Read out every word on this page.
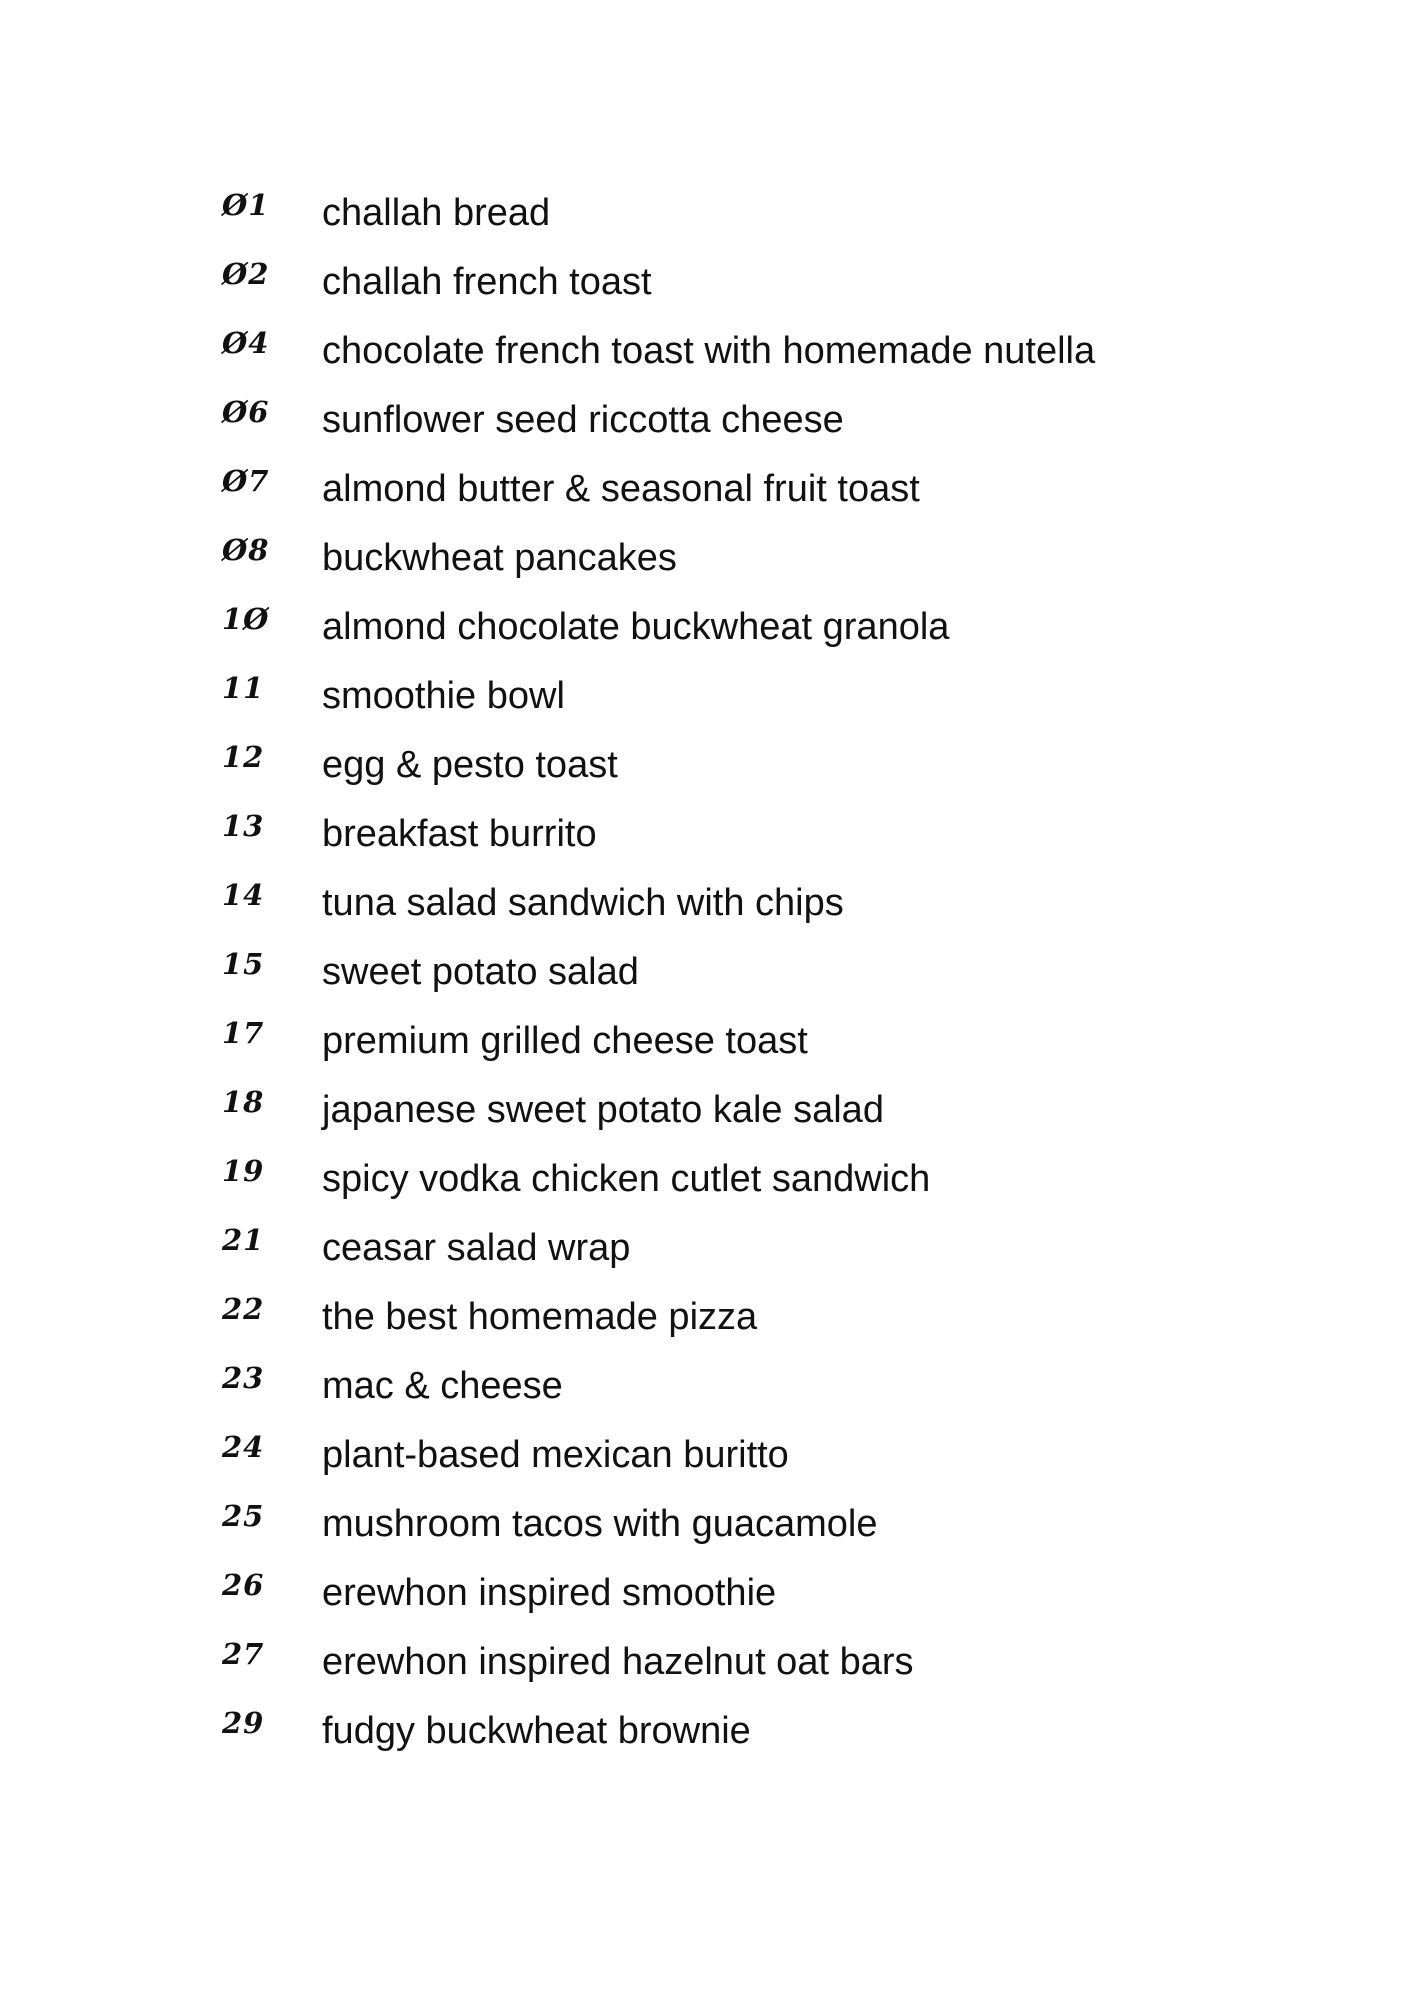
Ø1	challah bread
Ø2	challah french toast
Ø4	chocolate french toast with homemade nutella
Ø6	sunflower seed riccotta cheese
Ø7	almond butter & seasonal fruit toast
Ø8	buckwheat pancakes
1Ø	almond chocolate buckwheat granola
11	smoothie bowl
12	egg & pesto toast
13	breakfast burrito
14	tuna salad sandwich with chips
15	sweet potato salad
17	premium grilled cheese toast
18	japanese sweet potato kale salad
19	spicy vodka chicken cutlet sandwich
21	ceasar salad wrap
22	the best homemade pizza
23	mac & cheese
24	plant-based mexican buritto
25	mushroom tacos with guacamole
26	erewhon inspired smoothie
27	erewhon inspired hazelnut oat bars
29	fudgy buckwheat brownie
